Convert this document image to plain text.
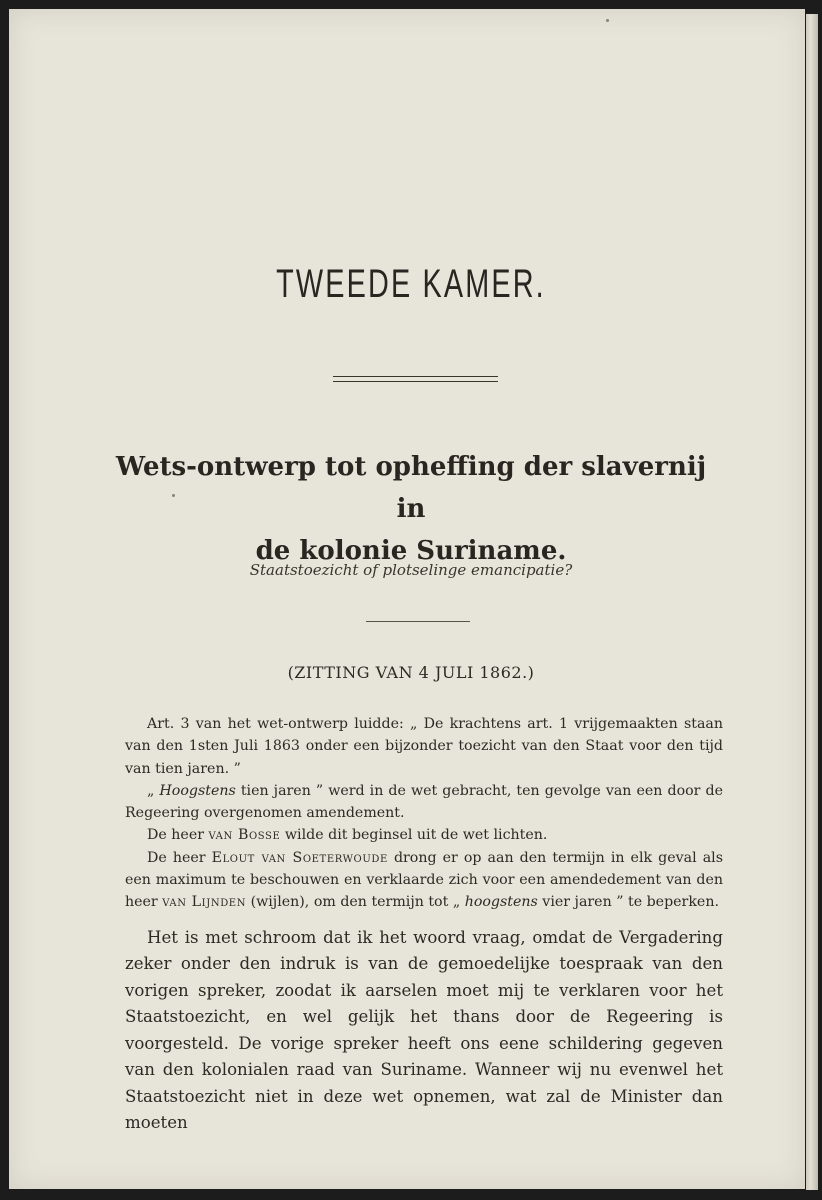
TWEEDE KAMER.
Wets-ontwerp tot opheffing der slavernij in
de kolonie Suriname.
Staatstoezicht of plotselinge emancipatie?
(ZITTING VAN 4 JULI 1862.)

Art. 3 van het wet-ontwerp luidde: „ De krachtens art. 1 vrijgemaakten staan van den 1sten Juli 1863 onder een bijzonder toezicht van den Staat voor den tijd van tien jaren. ”

„ Hoogstens tien jaren ” werd in de wet gebracht, ten gevolge van een door de Regeering overgenomen amendement.

De heer van Bosse wilde dit beginsel uit de wet lichten.

De heer Elout van Soeterwoude drong er op aan den termijn in elk geval als een maximum te beschouwen en verklaarde zich voor een amendedement van den heer van Lijnden (wijlen), om den termijn tot „ hoogstens vier jaren ” te beperken.

Het is met schroom dat ik het woord vraag, omdat de Vergadering zeker onder den indruk is van de gemoedelijke toespraak van den vorigen spreker, zoodat ik aarselen moet mij te verklaren voor het Staatstoezicht, en wel gelijk het thans door de Regeering is voorgesteld. De vorige spreker heeft ons eene schildering gegeven van den kolonialen raad van Suriname. Wanneer wij nu evenwel het Staatstoezicht niet in deze wet opnemen, wat zal de Minister dan moeten
